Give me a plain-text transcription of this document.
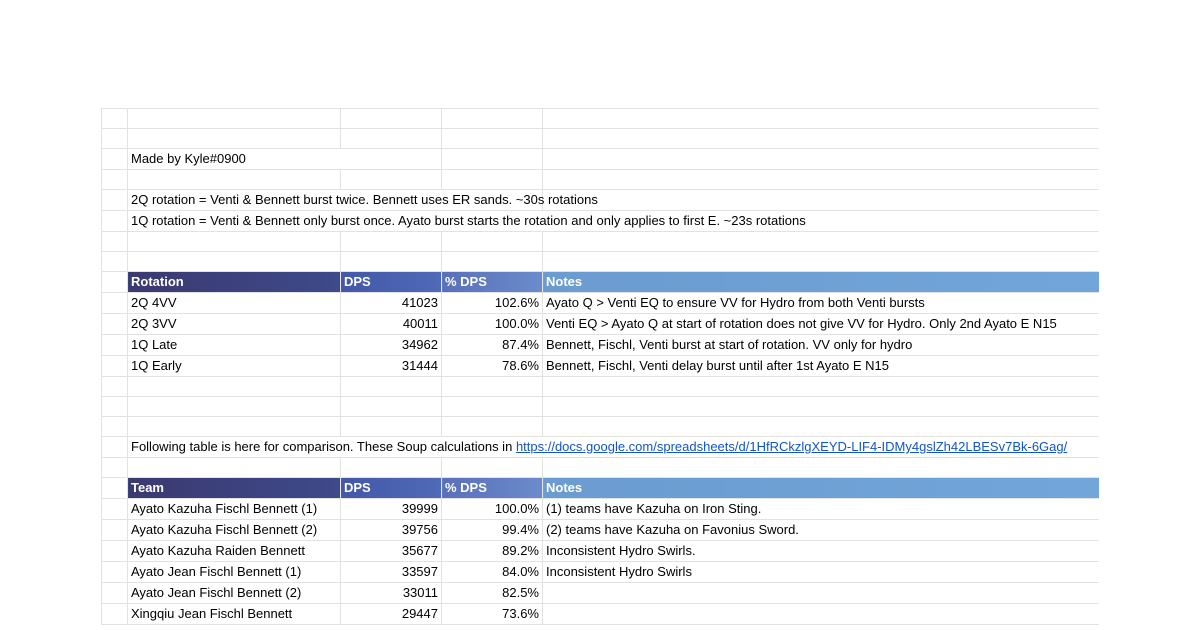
	Made by Kyle#0900			

	2Q rotation = Venti & Bennett burst twice. Bennett uses ER sands. ~30s rotations			
	1Q rotation = Venti & Bennett only burst once. Ayato burst starts the rotation and only applies to first E. ~23s rotations			

	Rotation	DPS	% DPS	Notes
	2Q 4VV	41023	102.6%	Ayato Q > Venti EQ to ensure VV for Hydro from both Venti bursts
	2Q 3VV	40011	100.0%	Venti EQ > Ayato Q at start of rotation does not give VV for Hydro. Only 2nd Ayato E N15
	1Q Late	34962	87.4%	Bennett, Fischl, Venti burst at start of rotation. VV only for hydro
	1Q Early	31444	78.6%	Bennett, Fischl, Venti delay burst until after 1st Ayato E N15

	Following table is here for comparison. These Soup calculations in https://docs.google.com/spreadsheets/d/1HfRCkzlgXEYD-LIF4-IDMy4gslZh42LBESv7Bk-6Gag/			

	Team	DPS	% DPS	Notes
	Ayato Kazuha Fischl Bennett (1)	39999	100.0%	(1) teams have Kazuha on Iron Sting.
	Ayato Kazuha Fischl Bennett (2)	39756	99.4%	(2) teams have Kazuha on Favonius Sword.
	Ayato Kazuha Raiden Bennett	35677	89.2%	Inconsistent Hydro Swirls.
	Ayato Jean Fischl Bennett (1)	33597	84.0%	Inconsistent Hydro Swirls
	Ayato Jean Fischl Bennett (2)	33011	82.5%	
	Xingqiu Jean Fischl Bennett	29447	73.6%	
